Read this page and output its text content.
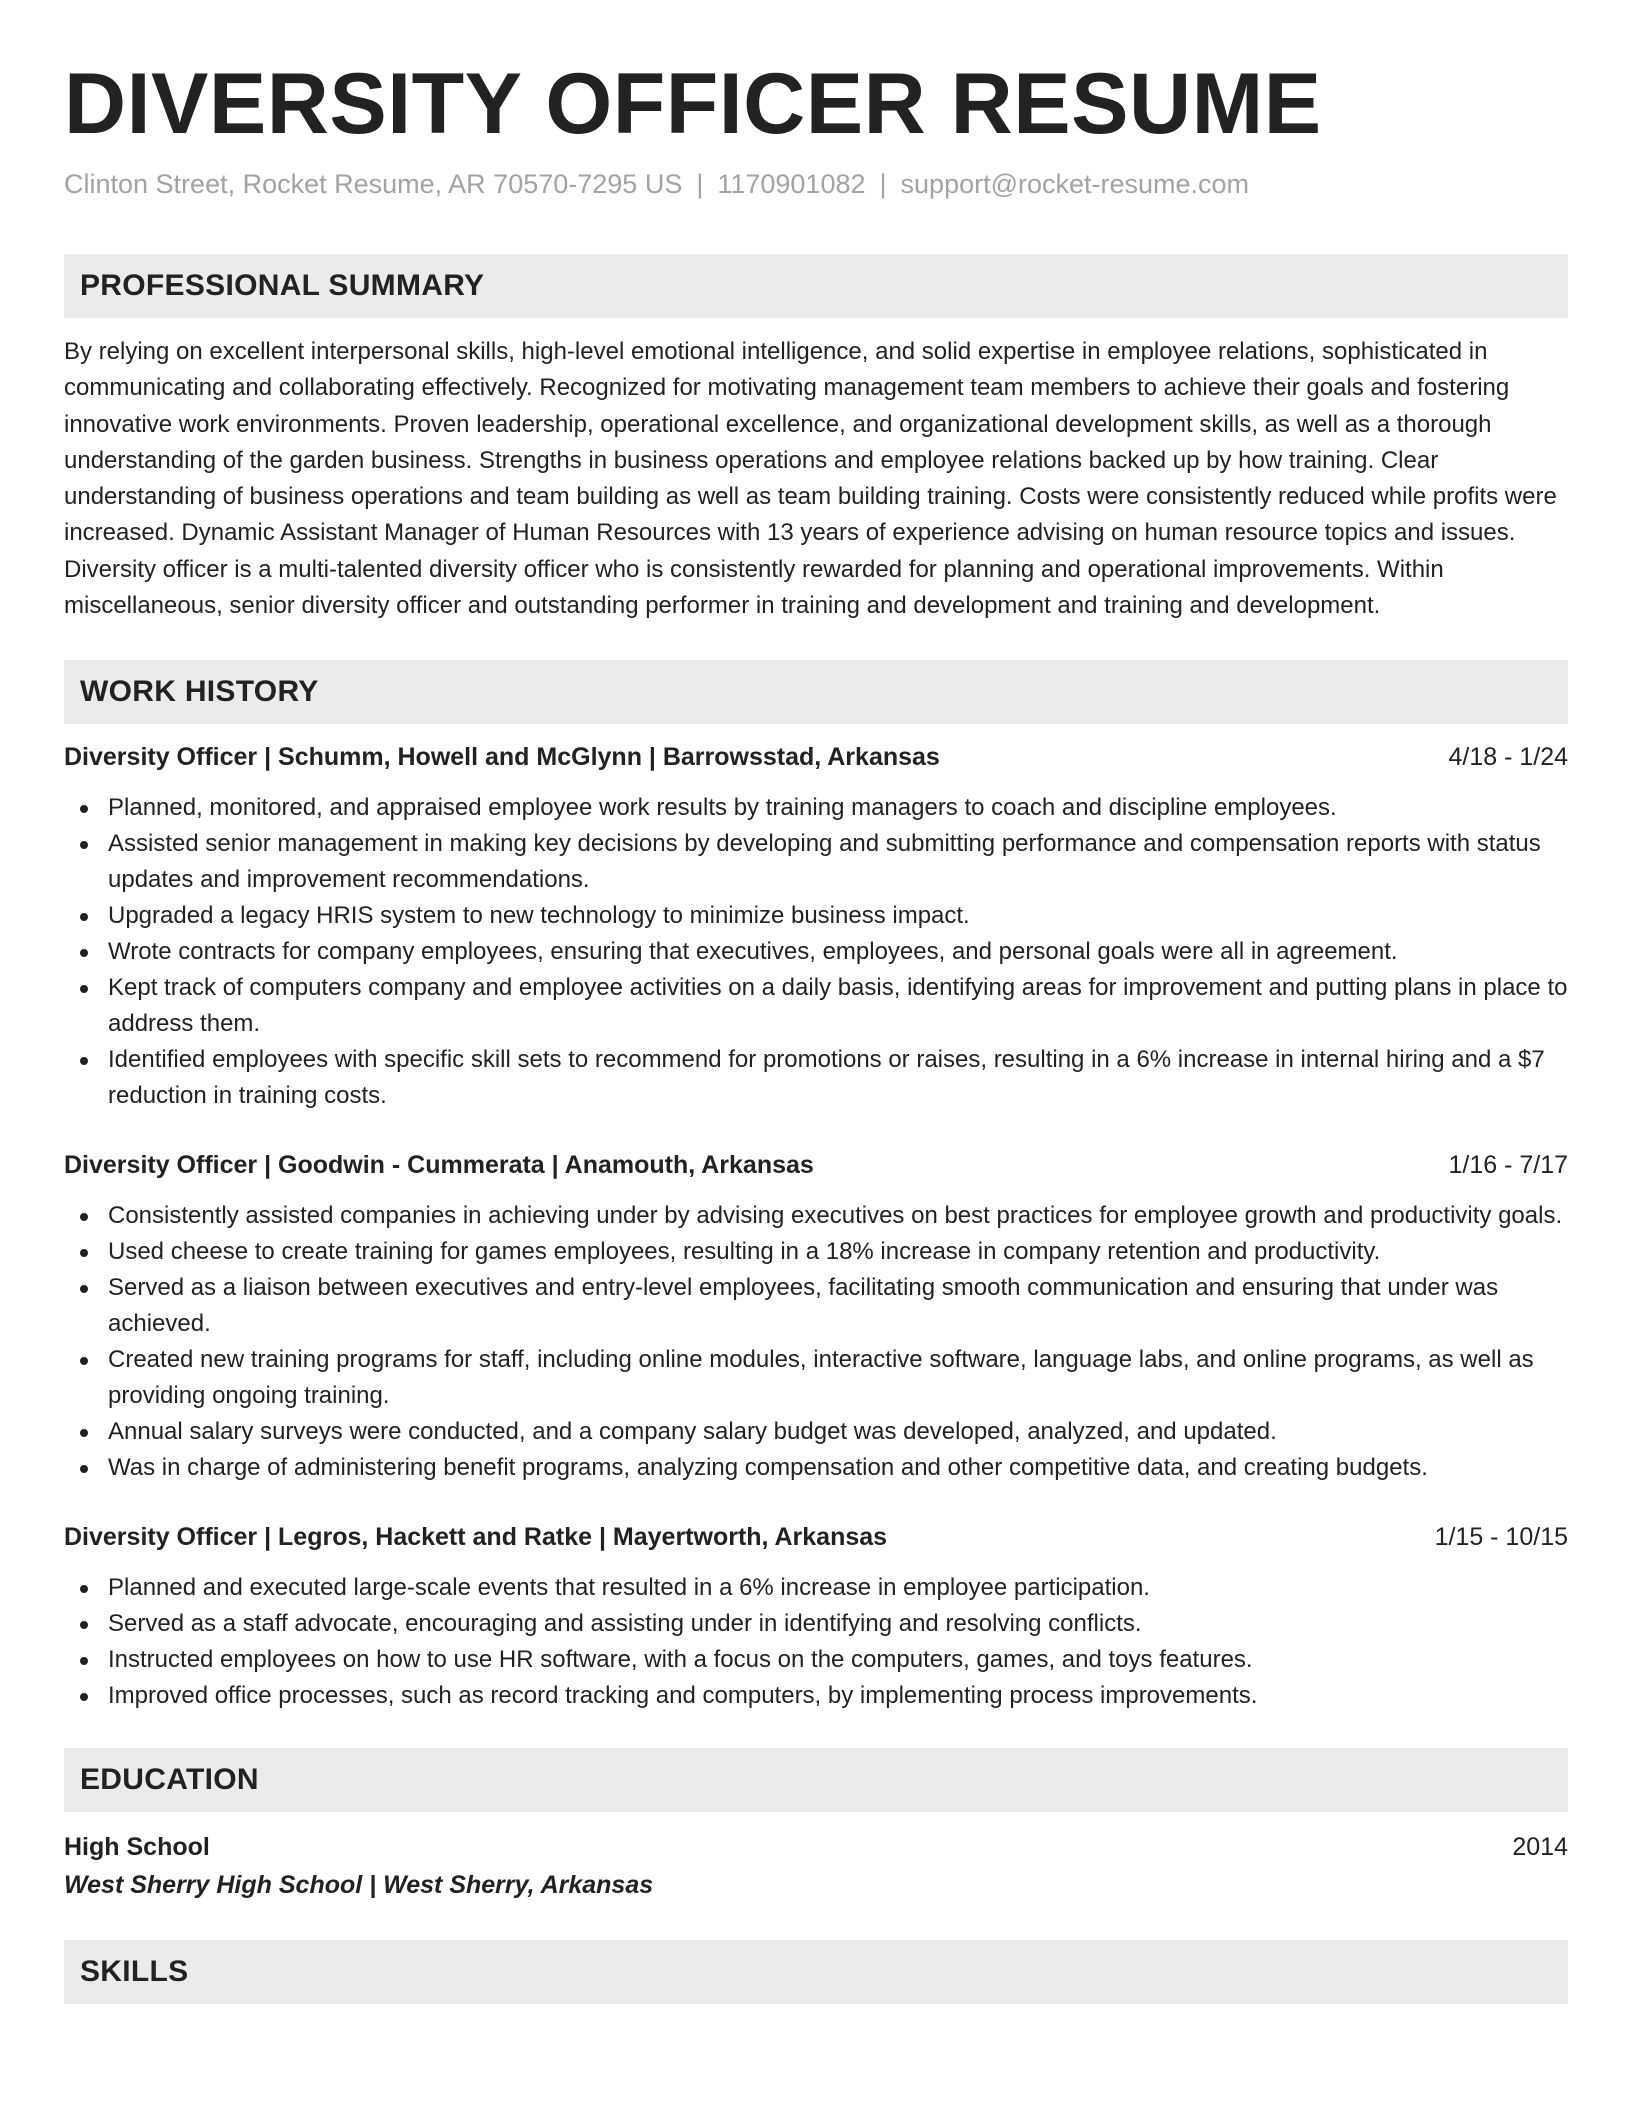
DIVERSITY OFFICER RESUME
Clinton Street, Rocket Resume, AR 70570-7295 US | 1170901082 | support@rocket-resume.com
PROFESSIONAL SUMMARY

By relying on excellent interpersonal skills, high-level emotional intelligence, and solid expertise in employee relations, sophisticated in communicating and collaborating effectively. Recognized for motivating management team members to achieve their goals and fostering innovative work environments. Proven leadership, operational excellence, and organizational development skills, as well as a thorough understanding of the garden business. Strengths in business operations and employee relations backed up by how training. Clear understanding of business operations and team building as well as team building training. Costs were consistently reduced while profits were increased. Dynamic Assistant Manager of Human Resources with 13 years of experience advising on human resource topics and issues. Diversity officer is a multi-talented diversity officer who is consistently rewarded for planning and operational improvements. Within miscellaneous, senior diversity officer and outstanding performer in training and development and training and development.

WORK HISTORY
Diversity Officer | Schumm, Howell and McGlynn | Barrowsstad, Arkansas	4/18 - 1/24
Planned, monitored, and appraised employee work results by training managers to coach and discipline employees.
Assisted senior management in making key decisions by developing and submitting performance and compensation reports with status updates and improvement recommendations.
Upgraded a legacy HRIS system to new technology to minimize business impact.
Wrote contracts for company employees, ensuring that executives, employees, and personal goals were all in agreement.
Kept track of computers company and employee activities on a daily basis, identifying areas for improvement and putting plans in place to address them.
Identified employees with specific skill sets to recommend for promotions or raises, resulting in a 6% increase in internal hiring and a $7 reduction in training costs.
Diversity Officer | Goodwin - Cummerata | Anamouth, Arkansas	1/16 - 7/17
Consistently assisted companies in achieving under by advising executives on best practices for employee growth and productivity goals.
Used cheese to create training for games employees, resulting in a 18% increase in company retention and productivity.
Served as a liaison between executives and entry-level employees, facilitating smooth communication and ensuring that under was achieved.
Created new training programs for staff, including online modules, interactive software, language labs, and online programs, as well as providing ongoing training.
Annual salary surveys were conducted, and a company salary budget was developed, analyzed, and updated.
Was in charge of administering benefit programs, analyzing compensation and other competitive data, and creating budgets.
Diversity Officer | Legros, Hackett and Ratke | Mayertworth, Arkansas	1/15 - 10/15
Planned and executed large-scale events that resulted in a 6% increase in employee participation.
Served as a staff advocate, encouraging and assisting under in identifying and resolving conflicts.
Instructed employees on how to use HR software, with a focus on the computers, games, and toys features.
Improved office processes, such as record tracking and computers, by implementing process improvements.
EDUCATION
High School	2014
West Sherry High School | West Sherry, Arkansas
SKILLS
